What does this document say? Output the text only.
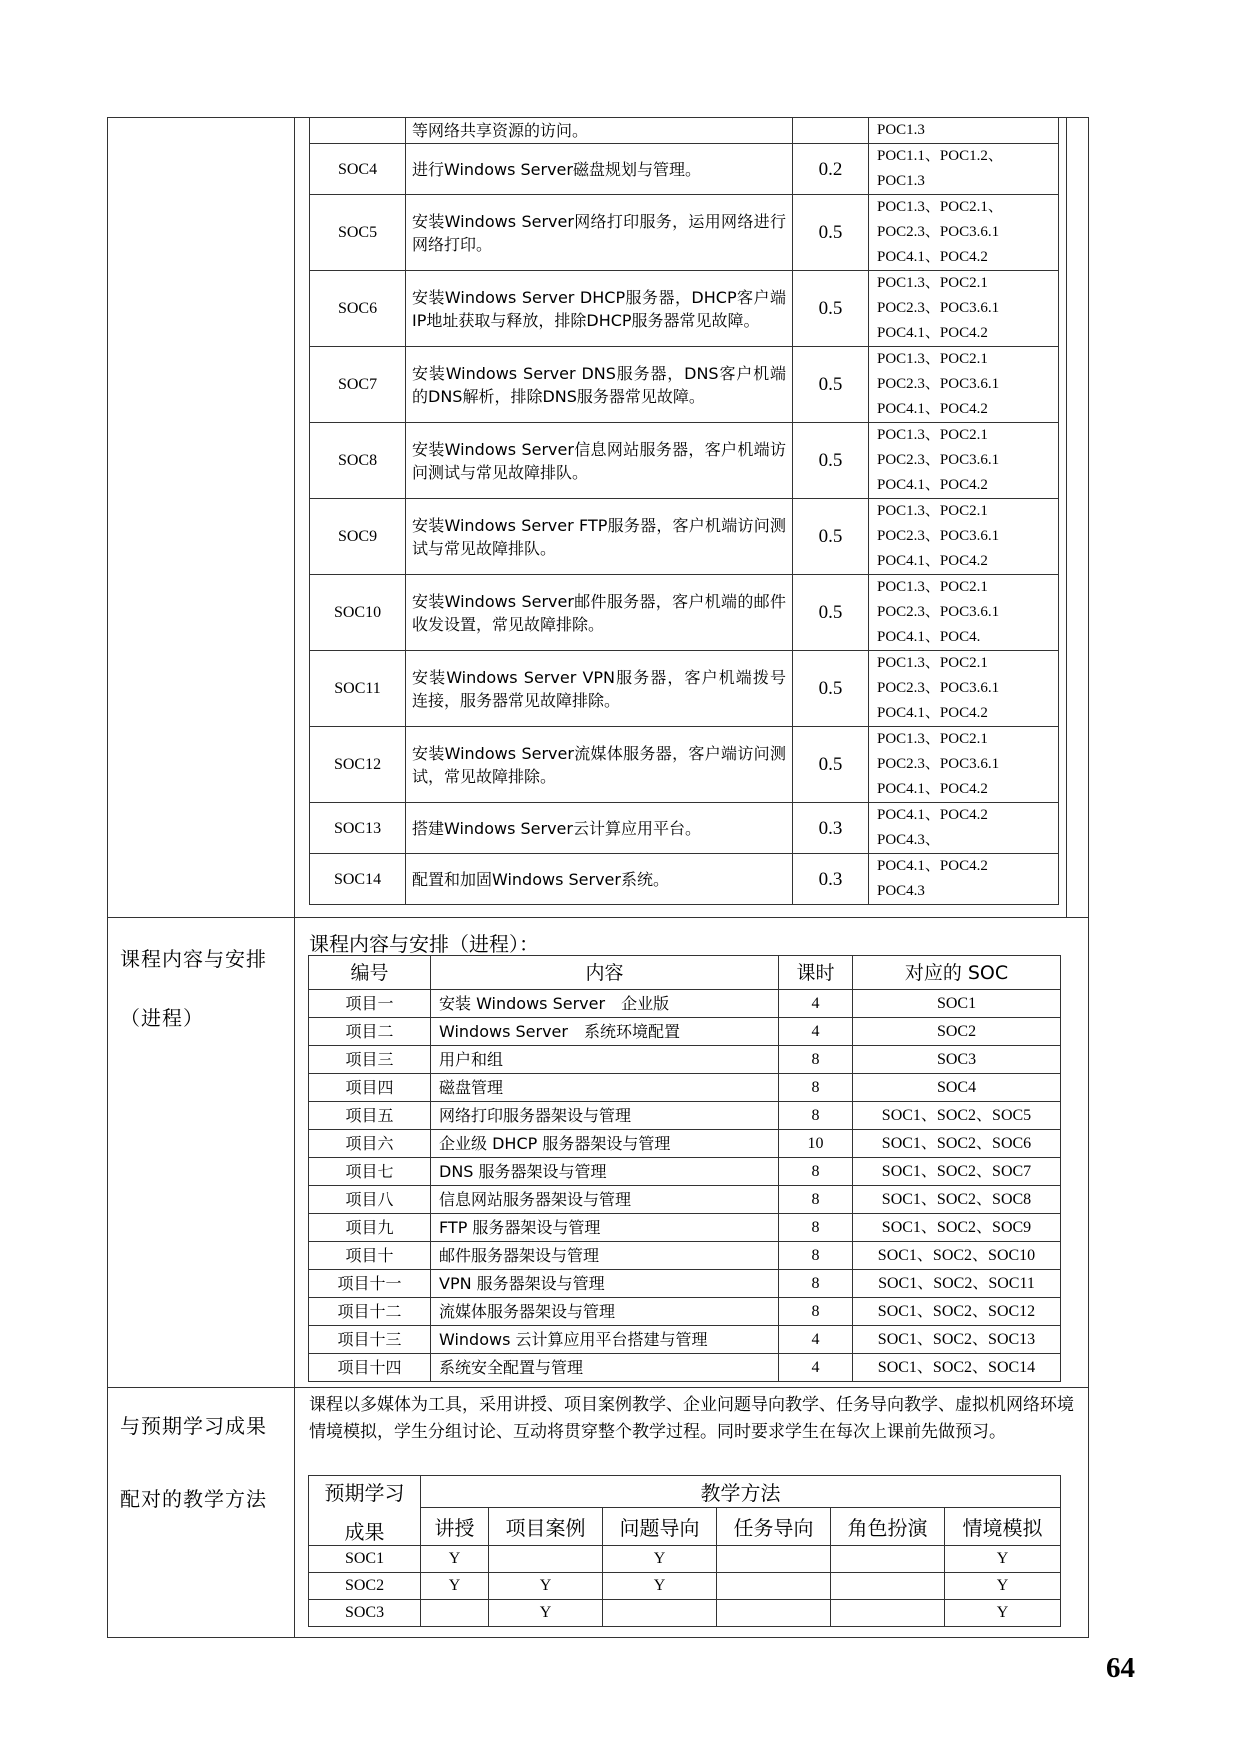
	等网络共享资源的访问。		POC1.3

SOC4	进行Windows Server磁盘规划与管理。	0.2	POC1.1、POC1.2、
POC1.3

SOC5	安装Windows Server网络打印服务，运用网络进行网络打印。	0.5	POC1.3、POC2.1、
POC2.3、POC3.6.1
POC4.1、POC4.2

SOC6	安装Windows Server DHCP服务器，DHCP客户端IP地址获取与释放，排除DHCP服务器常见故障。	0.5	POC1.3、POC2.1
POC2.3、POC3.6.1
POC4.1、POC4.2

SOC7	安装Windows Server DNS服务器，DNS客户机端的DNS解析，排除DNS服务器常见故障。	0.5	POC1.3、POC2.1
POC2.3、POC3.6.1
POC4.1、POC4.2

SOC8	安装Windows Server信息网站服务器，客户机端访问测试与常见故障排队。	0.5	POC1.3、POC2.1
POC2.3、POC3.6.1
POC4.1、POC4.2

SOC9	安装Windows Server FTP服务器，客户机端访问测试与常见故障排队。	0.5	POC1.3、POC2.1
POC2.3、POC3.6.1
POC4.1、POC4.2

SOC10	安装Windows Server邮件服务器，客户机端的邮件收发设置，常见故障排除。	0.5	POC1.3、POC2.1
POC2.3、POC3.6.1
POC4.1、POC4.

SOC11	安装Windows Server VPN服务器，客户机端拨号连接，服务器常见故障排除。	0.5	POC1.3、POC2.1
POC2.3、POC3.6.1
POC4.1、POC4.2

SOC12	安装Windows Server流媒体服务器，客户端访问测试，常见故障排除。	0.5	POC1.3、POC2.1
POC2.3、POC3.6.1
POC4.1、POC4.2

SOC13	搭建Windows Server云计算应用平台。	0.3	POC4.1、POC4.2
POC4.3、

SOC14	配置和加固Windows Server系统。	0.3	POC4.1、POC4.2
POC4.3
课程内容与安排
（进程）
课程内容与安排（进程）：
编号	内容	课时	对应的 SOC
项目一	安装 Windows Server　企业版	4	SOC1
项目二	Windows Server　系统环境配置	4	SOC2
项目三	用户和组	8	SOC3
项目四	磁盘管理	8	SOC4
项目五	网络打印服务器架设与管理	8	SOC1、SOC2、SOC5
项目六	企业级 DHCP 服务器架设与管理	10	SOC1、SOC2、SOC6
项目七	DNS 服务器架设与管理	8	SOC1、SOC2、SOC7
项目八	信息网站服务器架设与管理	8	SOC1、SOC2、SOC8
项目九	FTP 服务器架设与管理	8	SOC1、SOC2、SOC9
项目十	邮件服务器架设与管理	8	SOC1、SOC2、SOC10
项目十一	VPN 服务器架设与管理	8	SOC1、SOC2、SOC11
项目十二	流媒体服务器架设与管理	8	SOC1、SOC2、SOC12
项目十三	Windows 云计算应用平台搭建与管理	4	SOC1、SOC2、SOC13
项目十四	系统安全配置与管理	4	SOC1、SOC2、SOC14
与预期学习成果
配对的教学方法
课程以多媒体为工具，采用讲授、项目案例教学、企业问题导向教学、任务导向教学、虚拟机网络环境情境模拟，学生分组讨论、互动将贯穿整个教学过程。同时要求学生在每次上课前先做预习。
预期学习
成果	教学方法					
	讲授	项目案例	问题导向	任务导向	角色扮演	情境模拟
SOC1	Y		Y			Y
SOC2	Y	Y	Y			Y
SOC3		Y				Y
64
